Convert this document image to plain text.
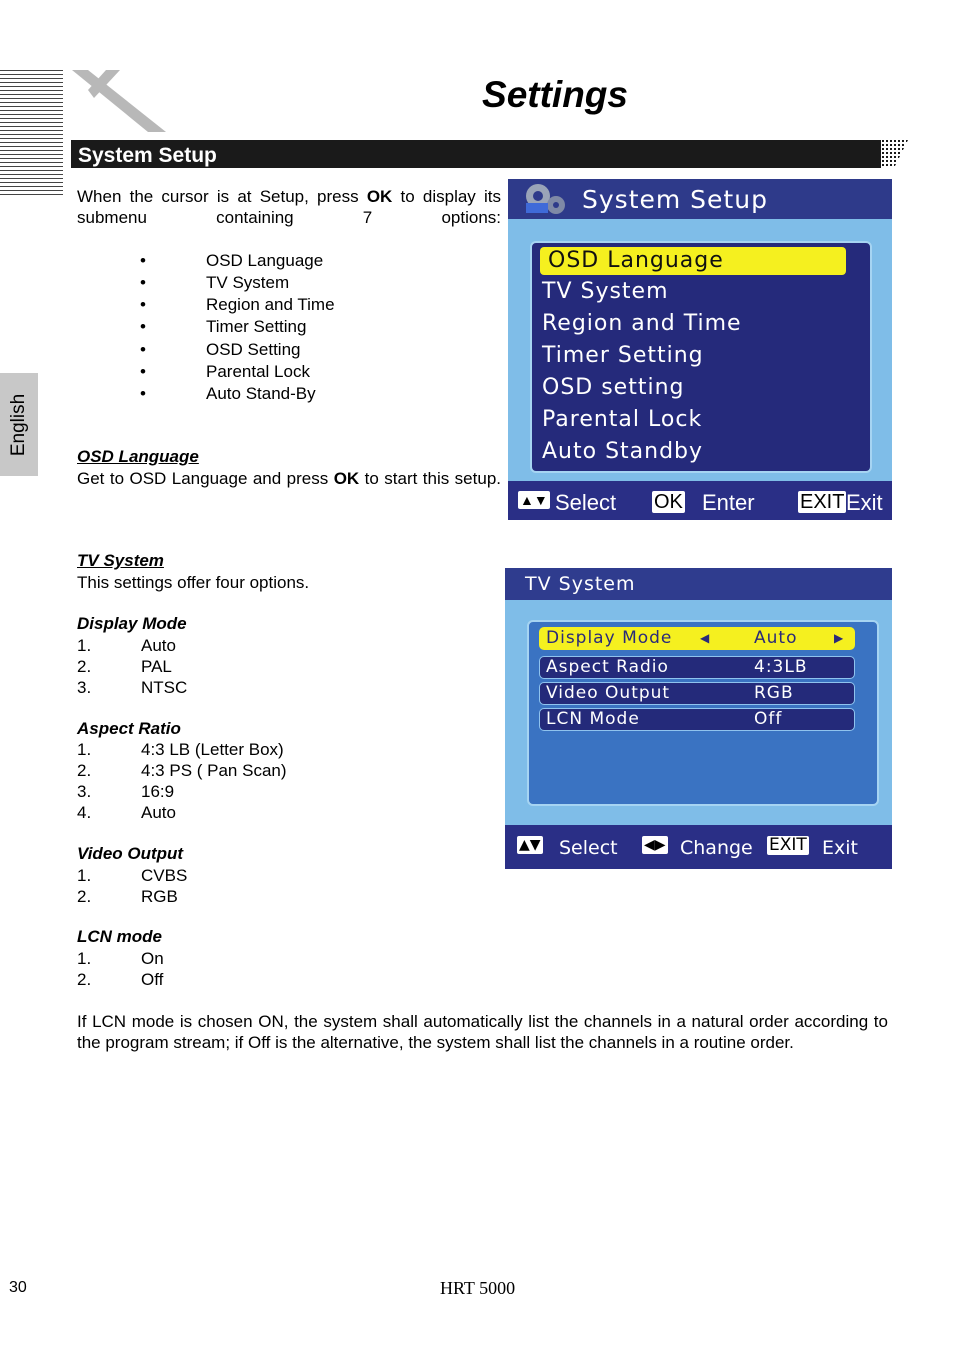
Settings
System Setup
English
When the cursor is at Setup, press OK to display its submenu containing 7 options:
•	OSD Language
•	TV System
•	Region and Time
•	Timer Setting
•	OSD Setting
•	Parental Lock
•	Auto Stand-By
OSD Language
Get to OSD Language and press OK to start this setup.
TV System
This settings offer four options.
Display Mode
1.	Auto
2.	PAL
3.	NTSC
Aspect Ratio
1.	4:3 LB (Letter Box)
2.	4:3 PS ( Pan Scan)
3.	16:9
4.	Auto
Video Output
1.	CVBS
2.	RGB
LCN mode
1.	On
2.	Off
If LCN mode is chosen ON, the system shall automatically list the channels in a natural order according to the program stream; if Off is the alternative, the system shall list the channels in a routine order.
System Setup
OSD Language
TV System
Region and Time
Timer Setting
OSD setting
Parental Lock
Auto Standby
▲▼ Select OK Enter EXIT Exit
TV System
Display Mode ◀	Auto	▶
Aspect Radio	4:3LB
Video Output	RGB
LCN Mode	Off
▲▼ Select ◀▶ Change EXIT Exit
30	HRT 5000
